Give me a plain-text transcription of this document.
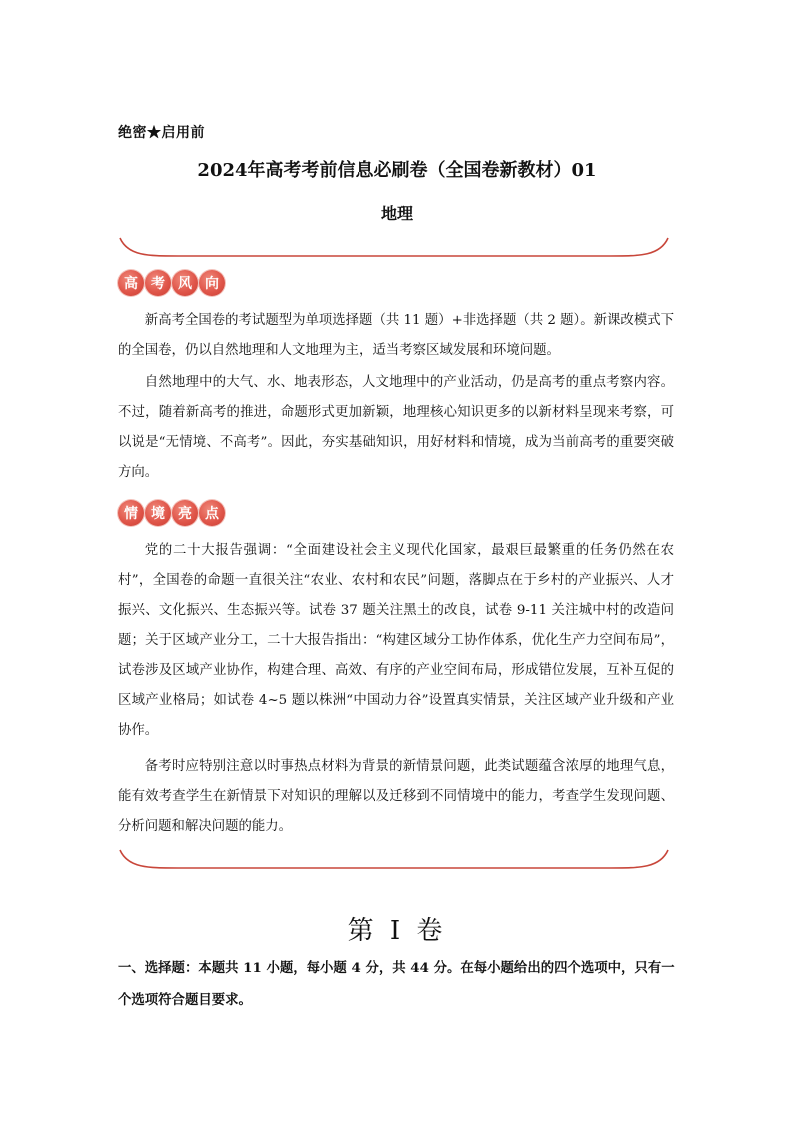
绝密★启用前
2024年高考考前信息必刷卷（全国卷新教材）01
地理
高 考 风 向

新高考全国卷的考试题型为单项选择题（共 11 题）+非选择题（共 2 题）。新课改模式下的全国卷，仍以自然地理和人文地理为主，适当考察区域发展和环境问题。

自然地理中的大气、水、地表形态，人文地理中的产业活动，仍是高考的重点考察内容。不过，随着新高考的推进，命题形式更加新颖，地理核心知识更多的以新材料呈现来考察，可以说是“无情境、不高考”。因此，夯实基础知识，用好材料和情境，成为当前高考的重要突破方向。

情 境 亮 点

党的二十大报告强调：“全面建设社会主义现代化国家，最艰巨最繁重的任务仍然在农村”，全国卷的命题一直很关注“农业、农村和农民”问题，落脚点在于乡村的产业振兴、人才振兴、文化振兴、生态振兴等。试卷 37 题关注黑土的改良，试卷 9-11 关注城中村的改造问题；关于区域产业分工，二十大报告指出：“构建区域分工协作体系，优化生产力空间布局”，试卷涉及区域产业协作，构建合理、高效、有序的产业空间布局，形成错位发展，互补互促的区域产业格局；如试卷 4~5 题以株洲“中国动力谷”设置真实情景，关注区域产业升级和产业协作。

备考时应特别注意以时事热点材料为背景的新情景问题，此类试题蕴含浓厚的地理气息，能有效考查学生在新情景下对知识的理解以及迁移到不同情境中的能力，考查学生发现问题、分析问题和解决问题的能力。

第 I 卷

一、选择题：本题共 11 小题，每小题 4 分，共 44 分。在每小题给出的四个选项中，只有一个选项符合题目要求。
